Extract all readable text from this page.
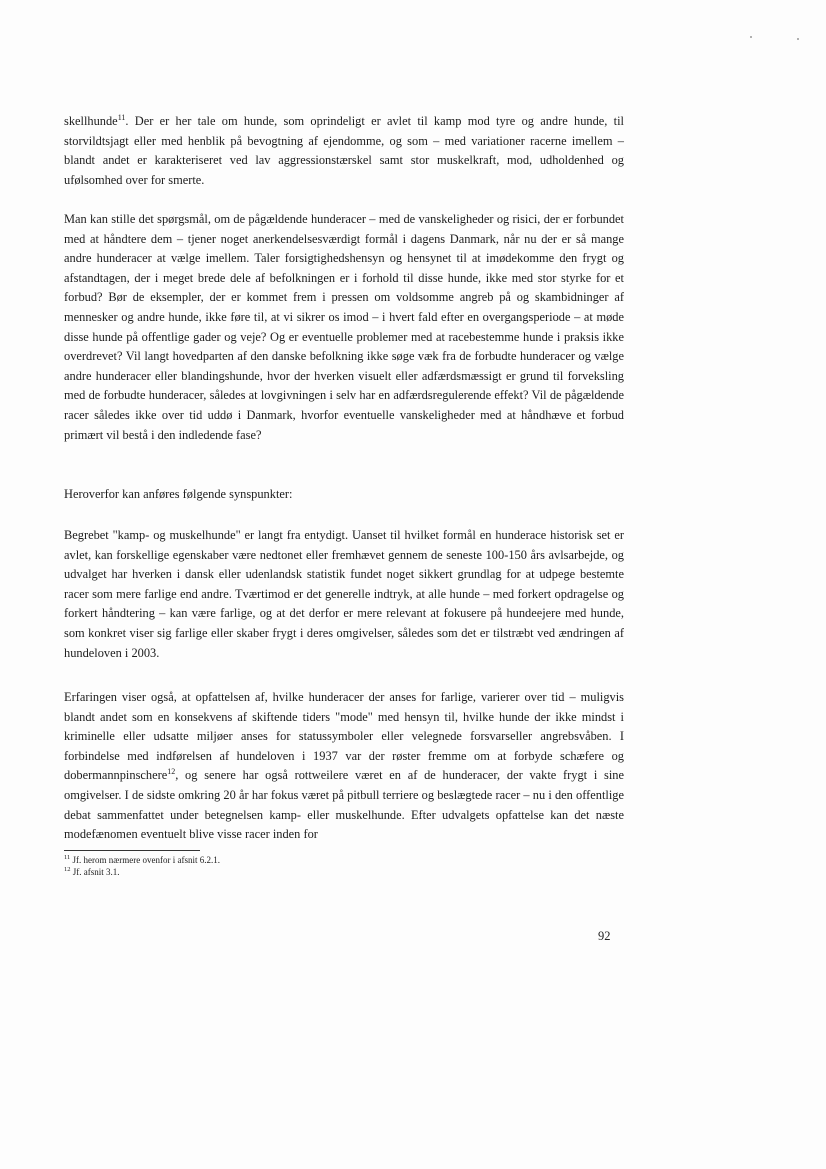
skellhunde$^{11}$. Der er her tale om hunde, som oprindeligt er avlet til kamp mod tyre og andre hunde, til storvildtsjagt eller med henblik på bevogtning af ejendomme, og som – med variationer racerne imellem – blandt andet er karakteriseret ved lav aggressionstærskel samt stor muskelkraft, mod, udholdenhed og ufølsomhed over for smerte.

Man kan stille det spørgsmål, om de pågældende hunderacer – med de vanskeligheder og risici, der er forbundet med at håndtere dem – tjener noget anerkendelsesværdigt formål i dagens Danmark, når nu der er så mange andre hunderacer at vælge imellem. Taler forsigtighedshensyn og hensynet til at imødekomme den frygt og afstandtagen, der i meget brede dele af befolkningen er i forhold til disse hunde, ikke med stor styrke for et forbud? Bør de eksempler, der er kommet frem i pressen om voldsomme angreb på og skambidninger af mennesker og andre hunde, ikke føre til, at vi sikrer os imod – i hvert fald efter en overgangsperiode – at møde disse hunde på offentlige gader og veje? Og er eventuelle problemer med at racebestemme hunde i praksis ikke overdrevet? Vil langt hovedparten af den danske befolkning ikke søge væk fra de forbudte hunderacer og vælge andre hunderacer eller blandingshunde, hvor der hverken visuelt eller adfærdsmæssigt er grund til forveksling med de forbudte hunderacer, således at lovgivningen i selv har en adfærdsregulerende effekt? Vil de pågældende racer således ikke over tid uddø i Danmark, hvorfor eventuelle vanskeligheder med at håndhæve et forbud primært vil bestå i den indledende fase?

Heroverfor kan anføres følgende synspunkter:

Begrebet "kamp- og muskelhunde" er langt fra entydigt. Uanset til hvilket formål en hunderace historisk set er avlet, kan forskellige egenskaber være nedtonet eller fremhævet gennem de seneste 100-150 års avlsarbejde, og udvalget har hverken i dansk eller udenlandsk statistik fundet noget sikkert grundlag for at udpege bestemte racer som mere farlige end andre. Tværtimod er det generelle indtryk, at alle hunde – med forkert opdragelse og forkert håndtering – kan være farlige, og at det derfor er mere relevant at fokusere på hundeejere med hunde, som konkret viser sig farlige eller skaber frygt i deres omgivelser, således som det er tilstræbt ved ændringen af hundeloven i 2003.

Erfaringen viser også, at opfattelsen af, hvilke hunderacer der anses for farlige, varierer over tid – muligvis blandt andet som en konsekvens af skiftende tiders "mode" med hensyn til, hvilke hunde der ikke mindst i kriminelle eller udsatte miljøer anses for statussymboler eller velegnede forsvarseller angrebsvåben. I forbindelse med indførelsen af hundeloven i 1937 var der røster fremme om at forbyde schæfere og dobermannpinschere$^{12}$, og senere har også rottweilere været en af de hunderacer, der vakte frygt i sine omgivelser. I de sidste omkring 20 år har fokus været på pitbull terriere og beslægtede racer – nu i den offentlige debat sammenfattet under betegnelsen kamp- eller muskelhunde. Efter udvalgets opfattelse kan det næste modefænomen eventuelt blive visse racer inden for

$^{11}$ Jf. herom nærmere ovenfor i afsnit 6.2.1.
$^{12}$ Jf. afsnit 3.1.
92
